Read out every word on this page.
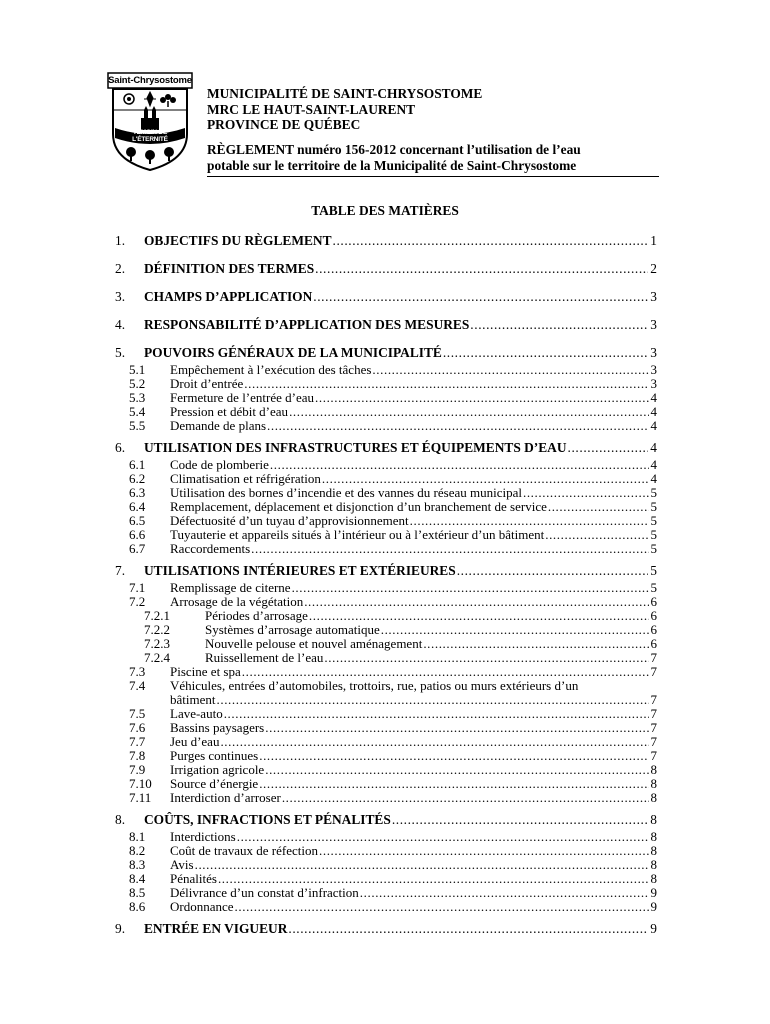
Saint-Chrysostome
TÉMOIN DE L'ÉTERNITÉ
MUNICIPALITÉ DE SAINT-CHRYSOSTOME
MRC LE HAUT-SAINT-LAURENT
PROVINCE DE QUÉBEC
RÈGLEMENT numéro 156-2012 concernant l’utilisation de l’eau
potable sur le territoire de la Municipalité de Saint-Chrysostome
TABLE DES MATIÈRES
1. OBJECTIFS DU RÈGLEMENT .....	1
2. DÉFINITION DES TERMES .....	2
3. CHAMPS D’APPLICATION .....	3
4. RESPONSABILITÉ D’APPLICATION DES MESURES .....	3
5. POUVOIRS GÉNÉRAUX DE LA MUNICIPALITÉ .....	3
5.1 Empêchement à l’exécution des tâches .....	3
5.2 Droit d’entrée .....	3
5.3 Fermeture de l’entrée d’eau .....	4
5.4 Pression et débit d’eau .....	4
5.5 Demande de plans .....	4
6. UTILISATION DES INFRASTRUCTURES ET ÉQUIPEMENTS D’EAU .....	4
6.1 Code de plomberie .....	4
6.2 Climatisation et réfrigération .....	4
6.3 Utilisation des bornes d’incendie et des vannes du réseau municipal .....	5
6.4 Remplacement, déplacement et disjonction d’un branchement de service .....	5
6.5 Défectuosité d’un tuyau d’approvisionnement .....	5
6.6 Tuyauterie et appareils situés à l’intérieur ou à l’extérieur d’un bâtiment .....	5
6.7 Raccordements .....	5
7. UTILISATIONS INTÉRIEURES ET EXTÉRIEURES .....	5
7.1 Remplissage de citerne .....	5
7.2 Arrosage de la végétation .....	6
7.2.1	Périodes d’arrosage .....	6
7.2.2	Systèmes d’arrosage automatique .....	6
7.2.3	Nouvelle pelouse et nouvel aménagement .....	6
7.2.4	Ruissellement de l’eau .....	7
7.3 Piscine et spa .....	7
7.4 Véhicules, entrées d’automobiles, trottoirs, rue, patios ou murs extérieurs d’un
bâtiment .....	7
7.5 Lave-auto .....	7
7.6 Bassins paysagers .....	7
7.7 Jeu d’eau .....	7
7.8 Purges continues .....	7
7.9 Irrigation agricole .....	8
7.10 Source d’énergie .....	8
7.11 Interdiction d’arroser .....	8
8. COÛTS, INFRACTIONS ET PÉNALITÉS .....	8
8.1 Interdictions .....	8
8.2 Coût de travaux de réfection .....	8
8.3 Avis .....	8
8.4 Pénalités .....	8
8.5 Délivrance d’un constat d’infraction .....	9
8.6 Ordonnance .....	9
9. ENTRÉE EN VIGUEUR .....	9
